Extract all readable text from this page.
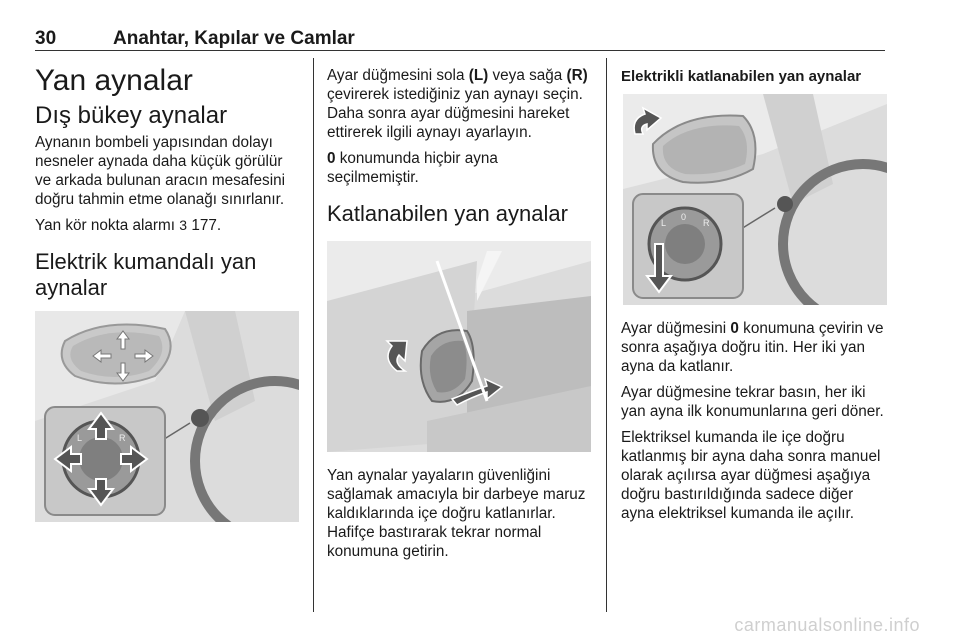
30	Anahtar, Kapılar ve Camlar
Yan aynalar
Dış bükey aynalar

Aynanın bombeli yapısından dolayı nesneler aynada daha küçük görülür ve arkada bulunan aracın mesafesini doğru tahmin etme olanağı sınırlanır.

Yan kör nokta alarmı 3 177.

Elektrik kumandalı yan aynalar
L	R

Ayar düğmesini sola (L) veya sağa (R) çevirerek istediğiniz yan aynayı seçin. Daha sonra ayar düğmesini hareket ettirerek ilgili aynayı ayarlayın.

0 konumunda hiçbir ayna seçilmemiştir.

Katlanabilen yan aynalar

Yan aynalar yayaların güvenliğini sağlamak amacıyla bir darbeye maruz kaldıklarında içe doğru katlanırlar. Hafifçe bastırarak tekrar normal konumuna getirin.

Elektrikli katlanabilen yan aynalar
L
0
R

Ayar düğmesini 0 konumuna çevirin ve sonra aşağıya doğru itin. Her iki yan ayna da katlanır.

Ayar düğmesine tekrar basın, her iki yan ayna ilk konumunlarına geri döner.

Elektriksel kumanda ile içe doğru katlanmış bir ayna daha sonra manuel olarak açılırsa ayar düğmesi aşağıya doğru bastırıldığında sadece diğer ayna elektriksel kumanda ile açılır.

carmanualsonline.info
